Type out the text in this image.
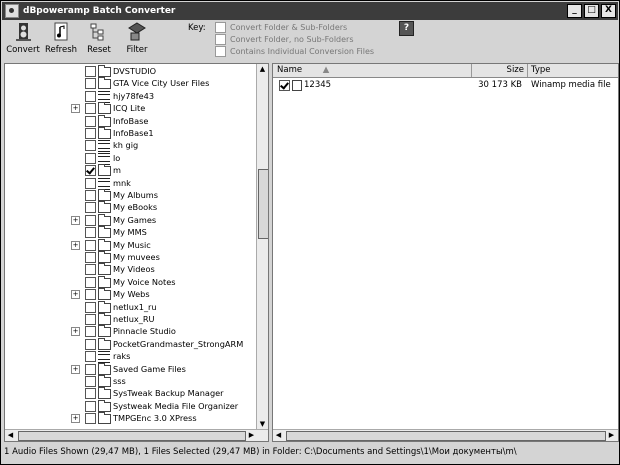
dBpoweramp Batch Converter	_	□	X
Convert Refresh	Reset	Filter
Key:	Convert Folder & Sub-Folders
Convert Folder, no Sub-Folders
Contains Individual Conversion Files
?
DVSTUDIO
GTA Vice City User Files
hjy78fe43
+	ICQ Lite
InfoBase
InfoBase1
kh gig
lo
m
mnk
My Albums
My eBooks
+	My Games
My MMS
+	My Music
My muvees
My Videos
My Voice Notes
+	My Webs
netlux1_ru
netlux_RU
+	Pinnacle Studio
PocketGrandmaster_StrongARM
raks
+	Saved Game Files
sss
SysTweak Backup Manager
Systweak Media File Organizer
+	TMPGEnc 3.0 XPress
▲
▼
◀	▶
Name ▲	Size Type
12345	30 173 KB Winamp media file
◀	▶
1 Audio Files Shown (29,47 MB), 1 Files Selected (29,47 MB) in Folder: C:\Documents and Settings\1\Мои документы\m\
